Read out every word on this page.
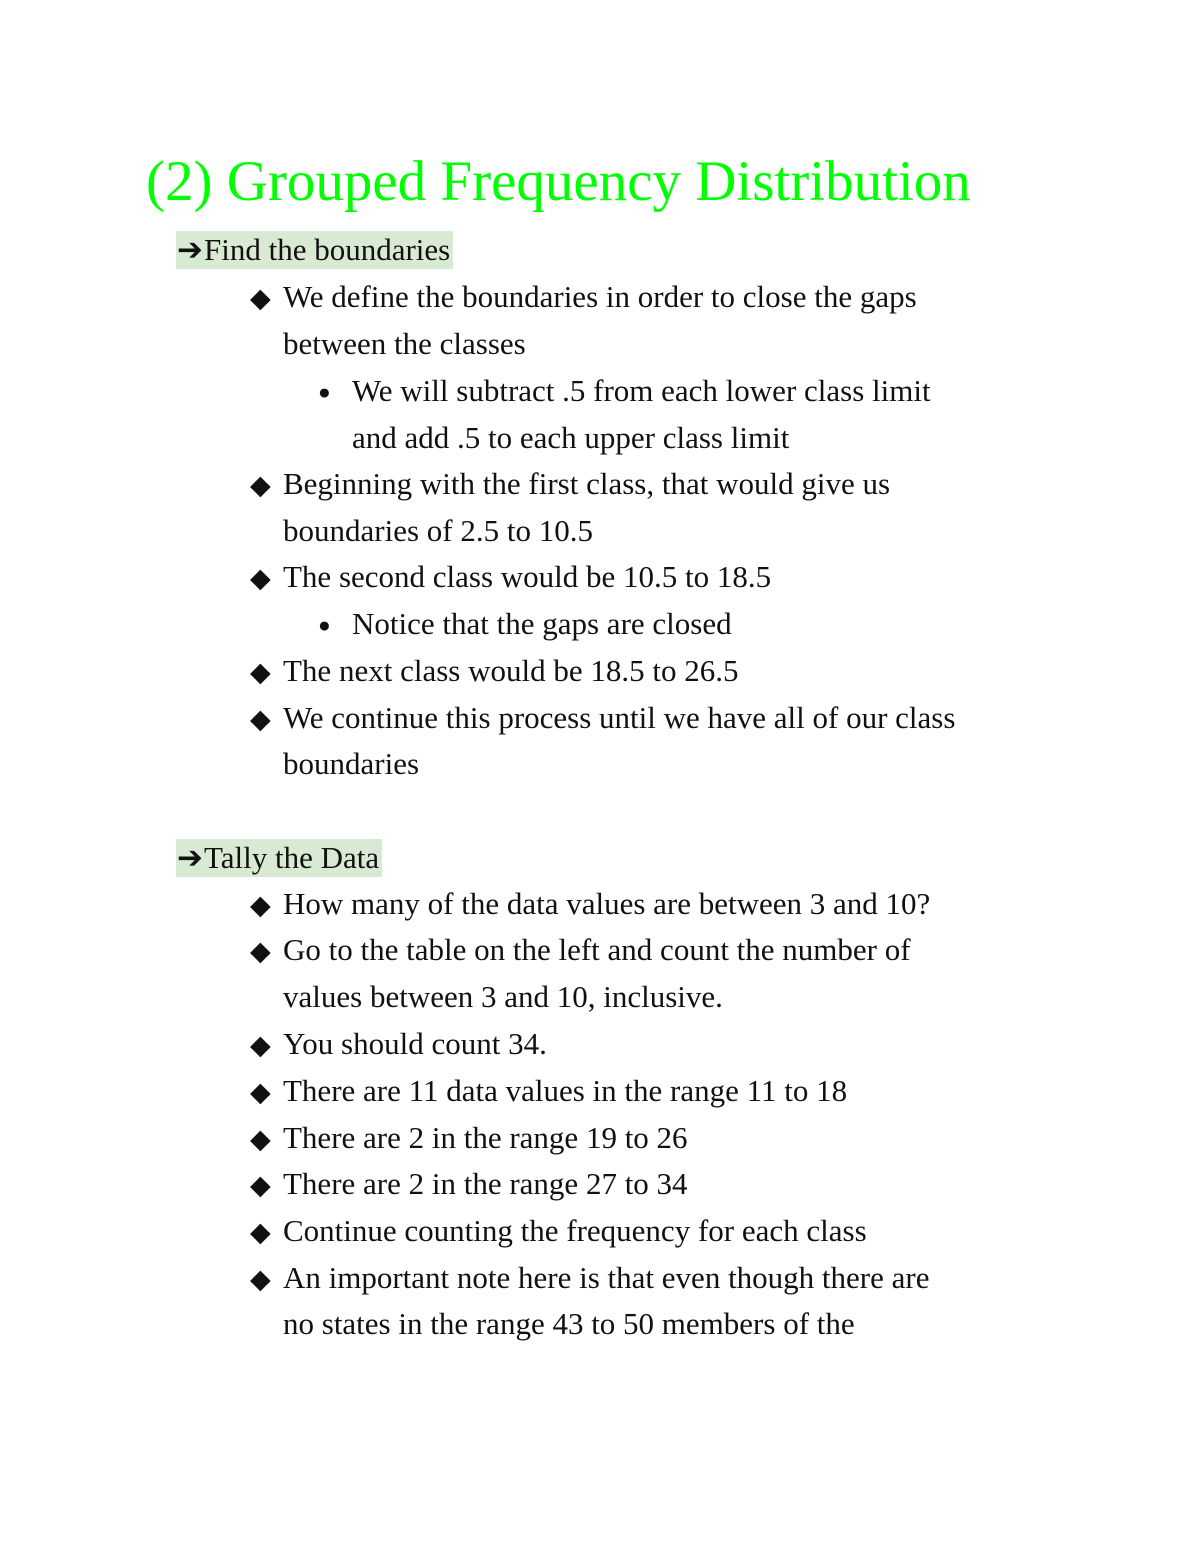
(2) Grouped Frequency Distribution
➔Find the boundaries
◆ We define the boundaries in order to close the gaps
between the classes
● We will subtract .5 from each lower class limit
and add .5 to each upper class limit
◆ Beginning with the first class, that would give us
boundaries of 2.5 to 10.5
◆ The second class would be 10.5 to 18.5
● Notice that the gaps are closed
◆ The next class would be 18.5 to 26.5
◆ We continue this process until we have all of our class
boundaries
➔Tally the Data
◆ How many of the data values are between 3 and 10?
◆ Go to the table on the left and count the number of
values between 3 and 10, inclusive.
◆ You should count 34.
◆ There are 11 data values in the range 11 to 18
◆ There are 2 in the range 19 to 26
◆ There are 2 in the range 27 to 34
◆ Continue counting the frequency for each class
◆ An important note here is that even though there are
no states in the range 43 to 50 members of the
